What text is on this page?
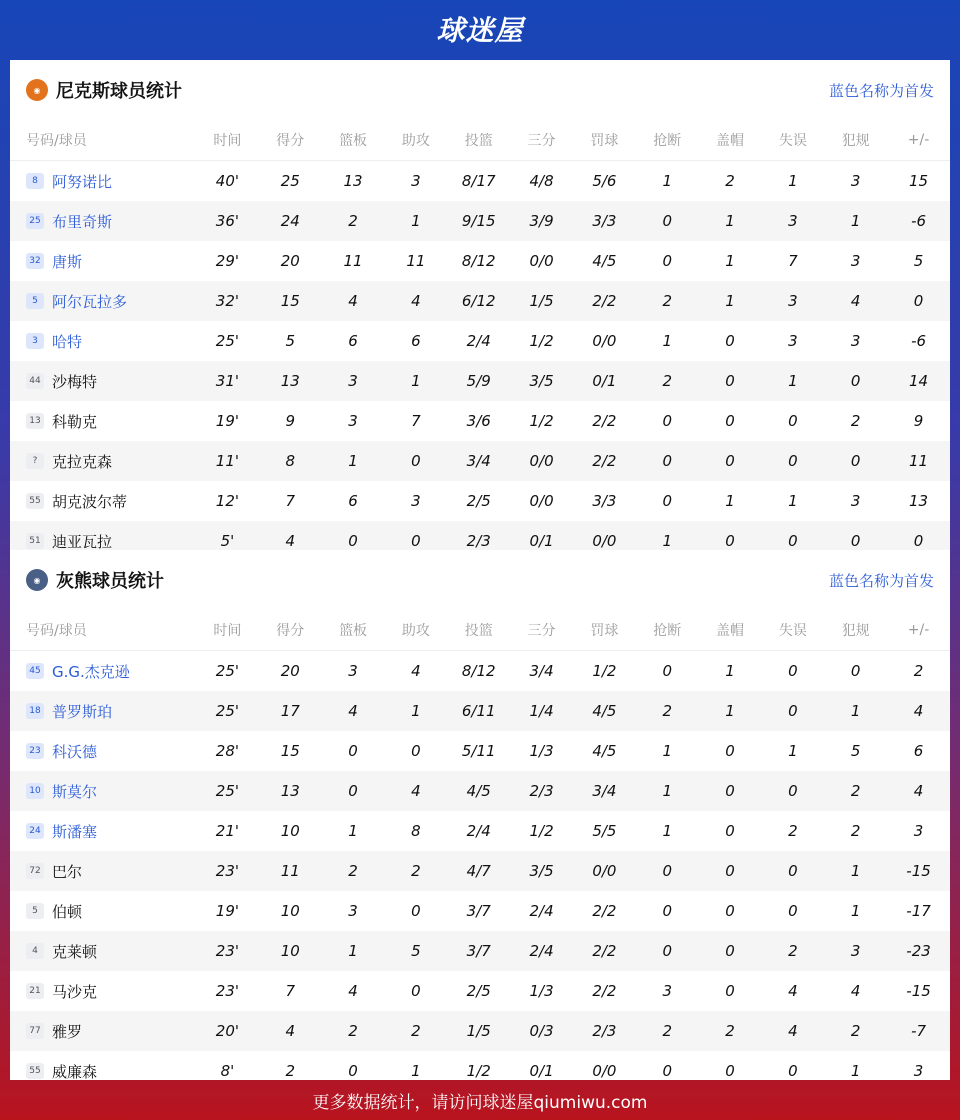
球迷屋
◉ 尼克斯球员统计	蓝色名称为首发
号码/球员	时间	得分	篮板	助攻	投篮	三分	罚球	抢断	盖帽	失误	犯规	+/-
8 阿努诺比	40'	25	13	3	8/17	4/8	5/6	1	2	1	3	15
25 布里奇斯	36'	24	2	1	9/15	3/9	3/3	0	1	3	1	-6
32 唐斯	29'	20	11	11	8/12	0/0	4/5	0	1	7	3	5
5 阿尔瓦拉多	32'	15	4	4	6/12	1/5	2/2	2	1	3	4	0
3 哈特	25'	5	6	6	2/4	1/2	0/0	1	0	3	3	-6
44 沙梅特	31'	13	3	1	5/9	3/5	0/1	2	0	1	0	14
13 科勒克	19'	9	3	7	3/6	1/2	2/2	0	0	0	2	9
? 克拉克森	11'	8	1	0	3/4	0/0	2/2	0	0	0	0	11
55 胡克波尔蒂	12'	7	6	3	2/5	0/0	3/3	0	1	1	3	13
51 迪亚瓦拉	5'	4	0	0	2/3	0/1	0/0	1	0	0	0	0
◉ 灰熊球员统计	蓝色名称为首发
号码/球员	时间	得分	篮板	助攻	投篮	三分	罚球	抢断	盖帽	失误	犯规	+/-
45 G.G.杰克逊	25'	20	3	4	8/12	3/4	1/2	0	1	0	0	2
18 普罗斯珀	25'	17	4	1	6/11	1/4	4/5	2	1	0	1	4
23 科沃德	28'	15	0	0	5/11	1/3	4/5	1	0	1	5	6
10 斯莫尔	25'	13	0	4	4/5	2/3	3/4	1	0	0	2	4
24 斯潘塞	21'	10	1	8	2/4	1/2	5/5	1	0	2	2	3
72 巴尔	23'	11	2	2	4/7	3/5	0/0	0	0	0	1	-15
5 伯顿	19'	10	3	0	3/7	2/4	2/2	0	0	0	1	-17
4 克莱顿	23'	10	1	5	3/7	2/4	2/2	0	0	2	3	-23
21 马沙克	23'	7	4	0	2/5	1/3	2/2	3	0	4	4	-15
77 雅罗	20'	4	2	2	1/5	0/3	2/3	2	2	4	2	-7
55 威廉森	8'	2	0	1	1/2	0/1	0/0	0	0	0	1	3
更多数据统计，请访问球迷屋qiumiwu.com
